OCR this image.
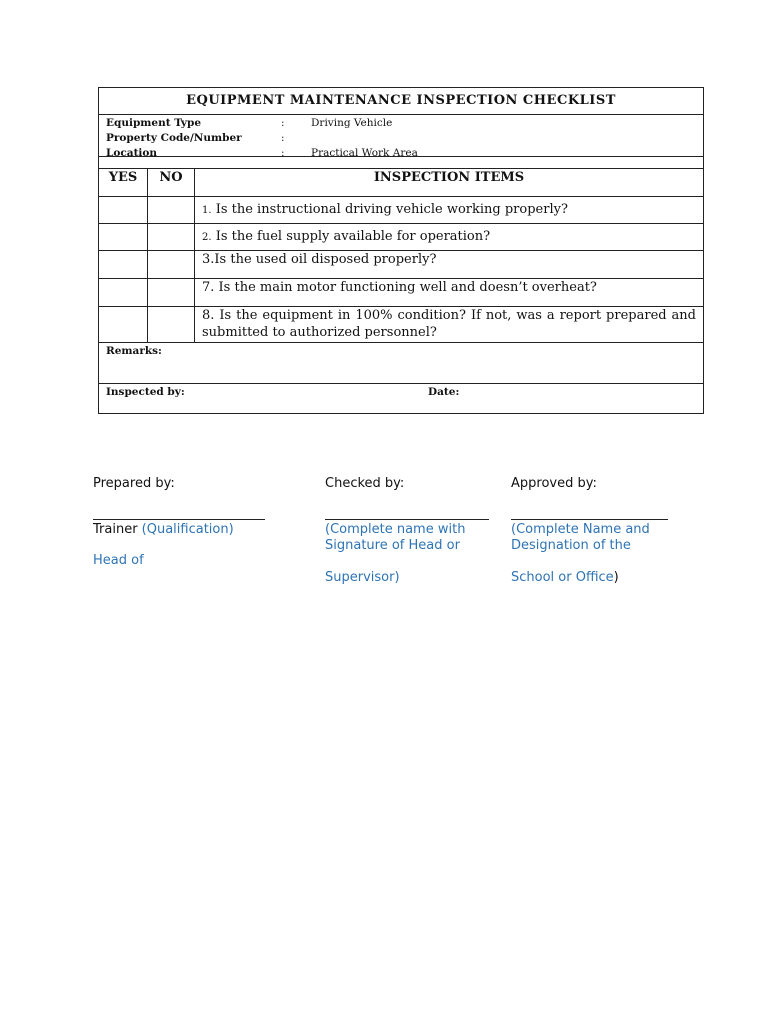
EQUIPMENT MAINTENANCE INSPECTION CHECKLIST
Equipment Type	:	Driving Vehicle
Property Code/Number	:
Location	:	Practical Work Area
YES	NO	INSPECTION ITEMS
		1. Is the instructional driving vehicle working properly?
		2. Is the fuel supply available for operation?
		3.Is the used oil disposed properly?
		7. Is the main motor functioning well and doesn’t overheat?
		8. Is the equipment in 100% condition? If not, was a report prepared and submitted to authorized personnel?
Remarks:
Inspected by:	Date:
Prepared by:
Trainer (Qualification)
Head of
Checked by:
(Complete name with
Signature of Head or
Supervisor)
Approved by:
(Complete Name and
Designation of the
School or Office)
